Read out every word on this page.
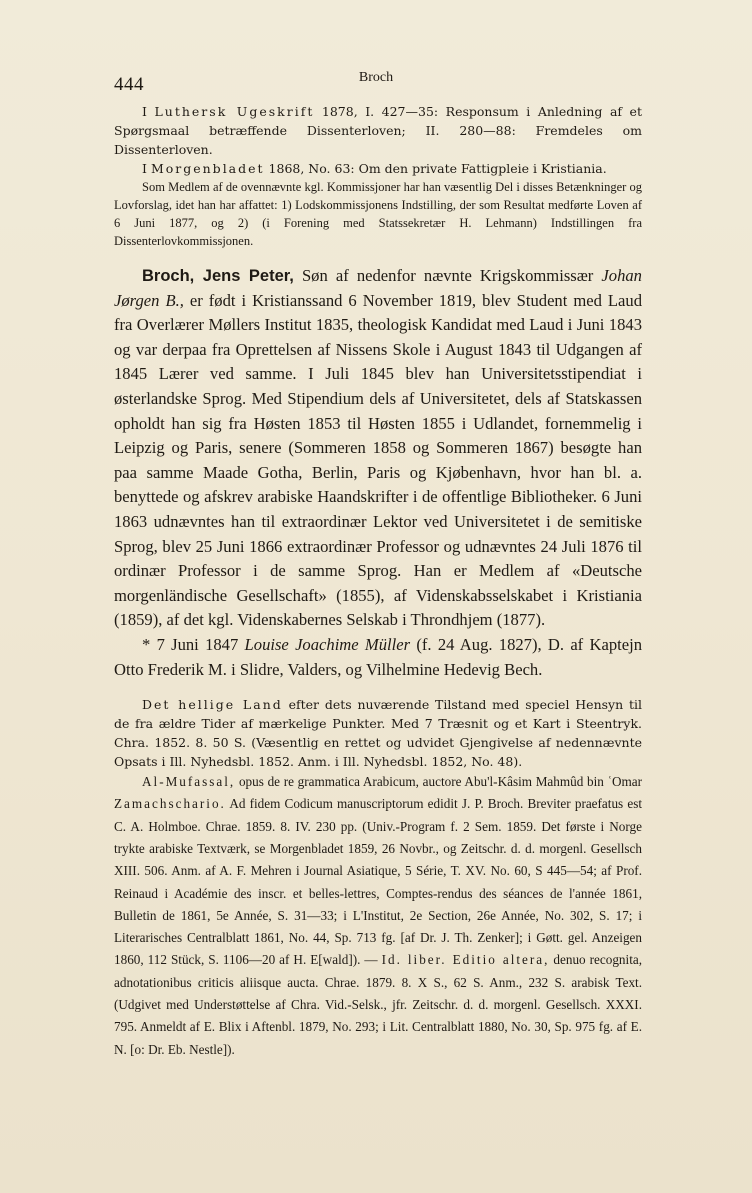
444	Broch

I Luthersk Ugeskrift 1878, I. 427—35: Responsum i Anledning af et Spørgsmaal betræffende Dissenterloven; II. 280—88: Fremdeles om Dissenterloven.

I Morgenbladet 1868, No. 63: Om den private Fattigpleie i Kristiania.

Som Medlem af de ovennævnte kgl. Kommissjoner har han væsentlig Del i disses Betænkninger og Lovforslag, idet han har affattet: 1) Lodskommissjonens Indstilling, der som Resultat medførte Loven af 6 Juni 1877, og 2) (i Forening med Statssekretær H. Lehmann) Indstillingen fra Dissenterlovkommissjonen.

Broch, Jens Peter, Søn af nedenfor nævnte Krigskommissær Johan Jørgen B., er født i Kristianssand 6 November 1819, blev Student med Laud fra Overlærer Møllers Institut 1835, theologisk Kandidat med Laud i Juni 1843 og var derpaa fra Oprettelsen af Nissens Skole i August 1843 til Udgangen af 1845 Lærer ved samme. I Juli 1845 blev han Universitetsstipendiat i østerlandske Sprog. Med Stipendium dels af Universitetet, dels af Statskassen opholdt han sig fra Høsten 1853 til Høsten 1855 i Udlandet, fornemmelig i Leipzig og Paris, senere (Sommeren 1858 og Sommeren 1867) besøgte han paa samme Maade Gotha, Berlin, Paris og Kjøbenhavn, hvor han bl. a. benyttede og afskrev arabiske Haandskrifter i de offentlige Bibliotheker. 6 Juni 1863 udnævntes han til extraordinær Lektor ved Universitetet i de semitiske Sprog, blev 25 Juni 1866 extraordinær Professor og udnævntes 24 Juli 1876 til ordinær Professor i de samme Sprog. Han er Medlem af «Deutsche morgenländische Gesellschaft» (1855), af Videnskabsselskabet i Kristiania (1859), af det kgl. Videnskabernes Selskab i Throndhjem (1877).

* 7 Juni 1847 Louise Joachime Müller (f. 24 Aug. 1827), D. af Kaptejn Otto Frederik M. i Slidre, Valders, og Vilhelmine Hedevig Bech.

Det hellige Land efter dets nuværende Tilstand med speciel Hensyn til de fra ældre Tider af mærkelige Punkter. Med 7 Træsnit og et Kart i Steentryk. Chra. 1852. 8. 50 S. (Væsentlig en rettet og udvidet Gjengivelse af nedennævnte Opsats i Ill. Nyhedsbl. 1852. Anm. i Ill. Nyhedsbl. 1852, No. 48).

Al-Mufassal, opus de re grammatica Arabicum, auctore Abu'l-Kâsim Mahmûd bin ʿOmar Zamachschario. Ad fidem Codicum manuscriptorum edidit J. P. Broch. Breviter praefatus est C. A. Holmboe. Chrae. 1859. 8. IV. 230 pp. (Univ.-Program f. 2 Sem. 1859. Det første i Norge trykte arabiske Textværk, se Morgenbladet 1859, 26 Novbr., og Zeitschr. d. d. morgenl. Gesellsch XIII. 506. Anm. af A. F. Mehren i Journal Asiatique, 5 Série, T. XV. No. 60, S 445—54; af Prof. Reinaud i Académie des inscr. et belles-lettres, Comptes-rendus des séances de l'année 1861, Bulletin de 1861, 5e Année, S. 31—33; i L'Institut, 2e Section, 26e Année, No. 302, S. 17; i Literarisches Centralblatt 1861, No. 44, Sp. 713 fg. [af Dr. J. Th. Zenker]; i Gøtt. gel. Anzeigen 1860, 112 Stück, S. 1106—20 af H. E[wald]). — Id. liber. Editio altera, denuo recognita, adnotationibus criticis aliisque aucta. Chrae. 1879. 8. X S., 62 S. Anm., 232 S. arabisk Text. (Udgivet med Understøttelse af Chra. Vid.-Selsk., jfr. Zeitschr. d. d. morgenl. Gesellsch. XXXI. 795. Anmeldt af E. Blix i Aftenbl. 1879, No. 293; i Lit. Centralblatt 1880, No. 30, Sp. 975 fg. af E. N. [o: Dr. Eb. Nestle]).
